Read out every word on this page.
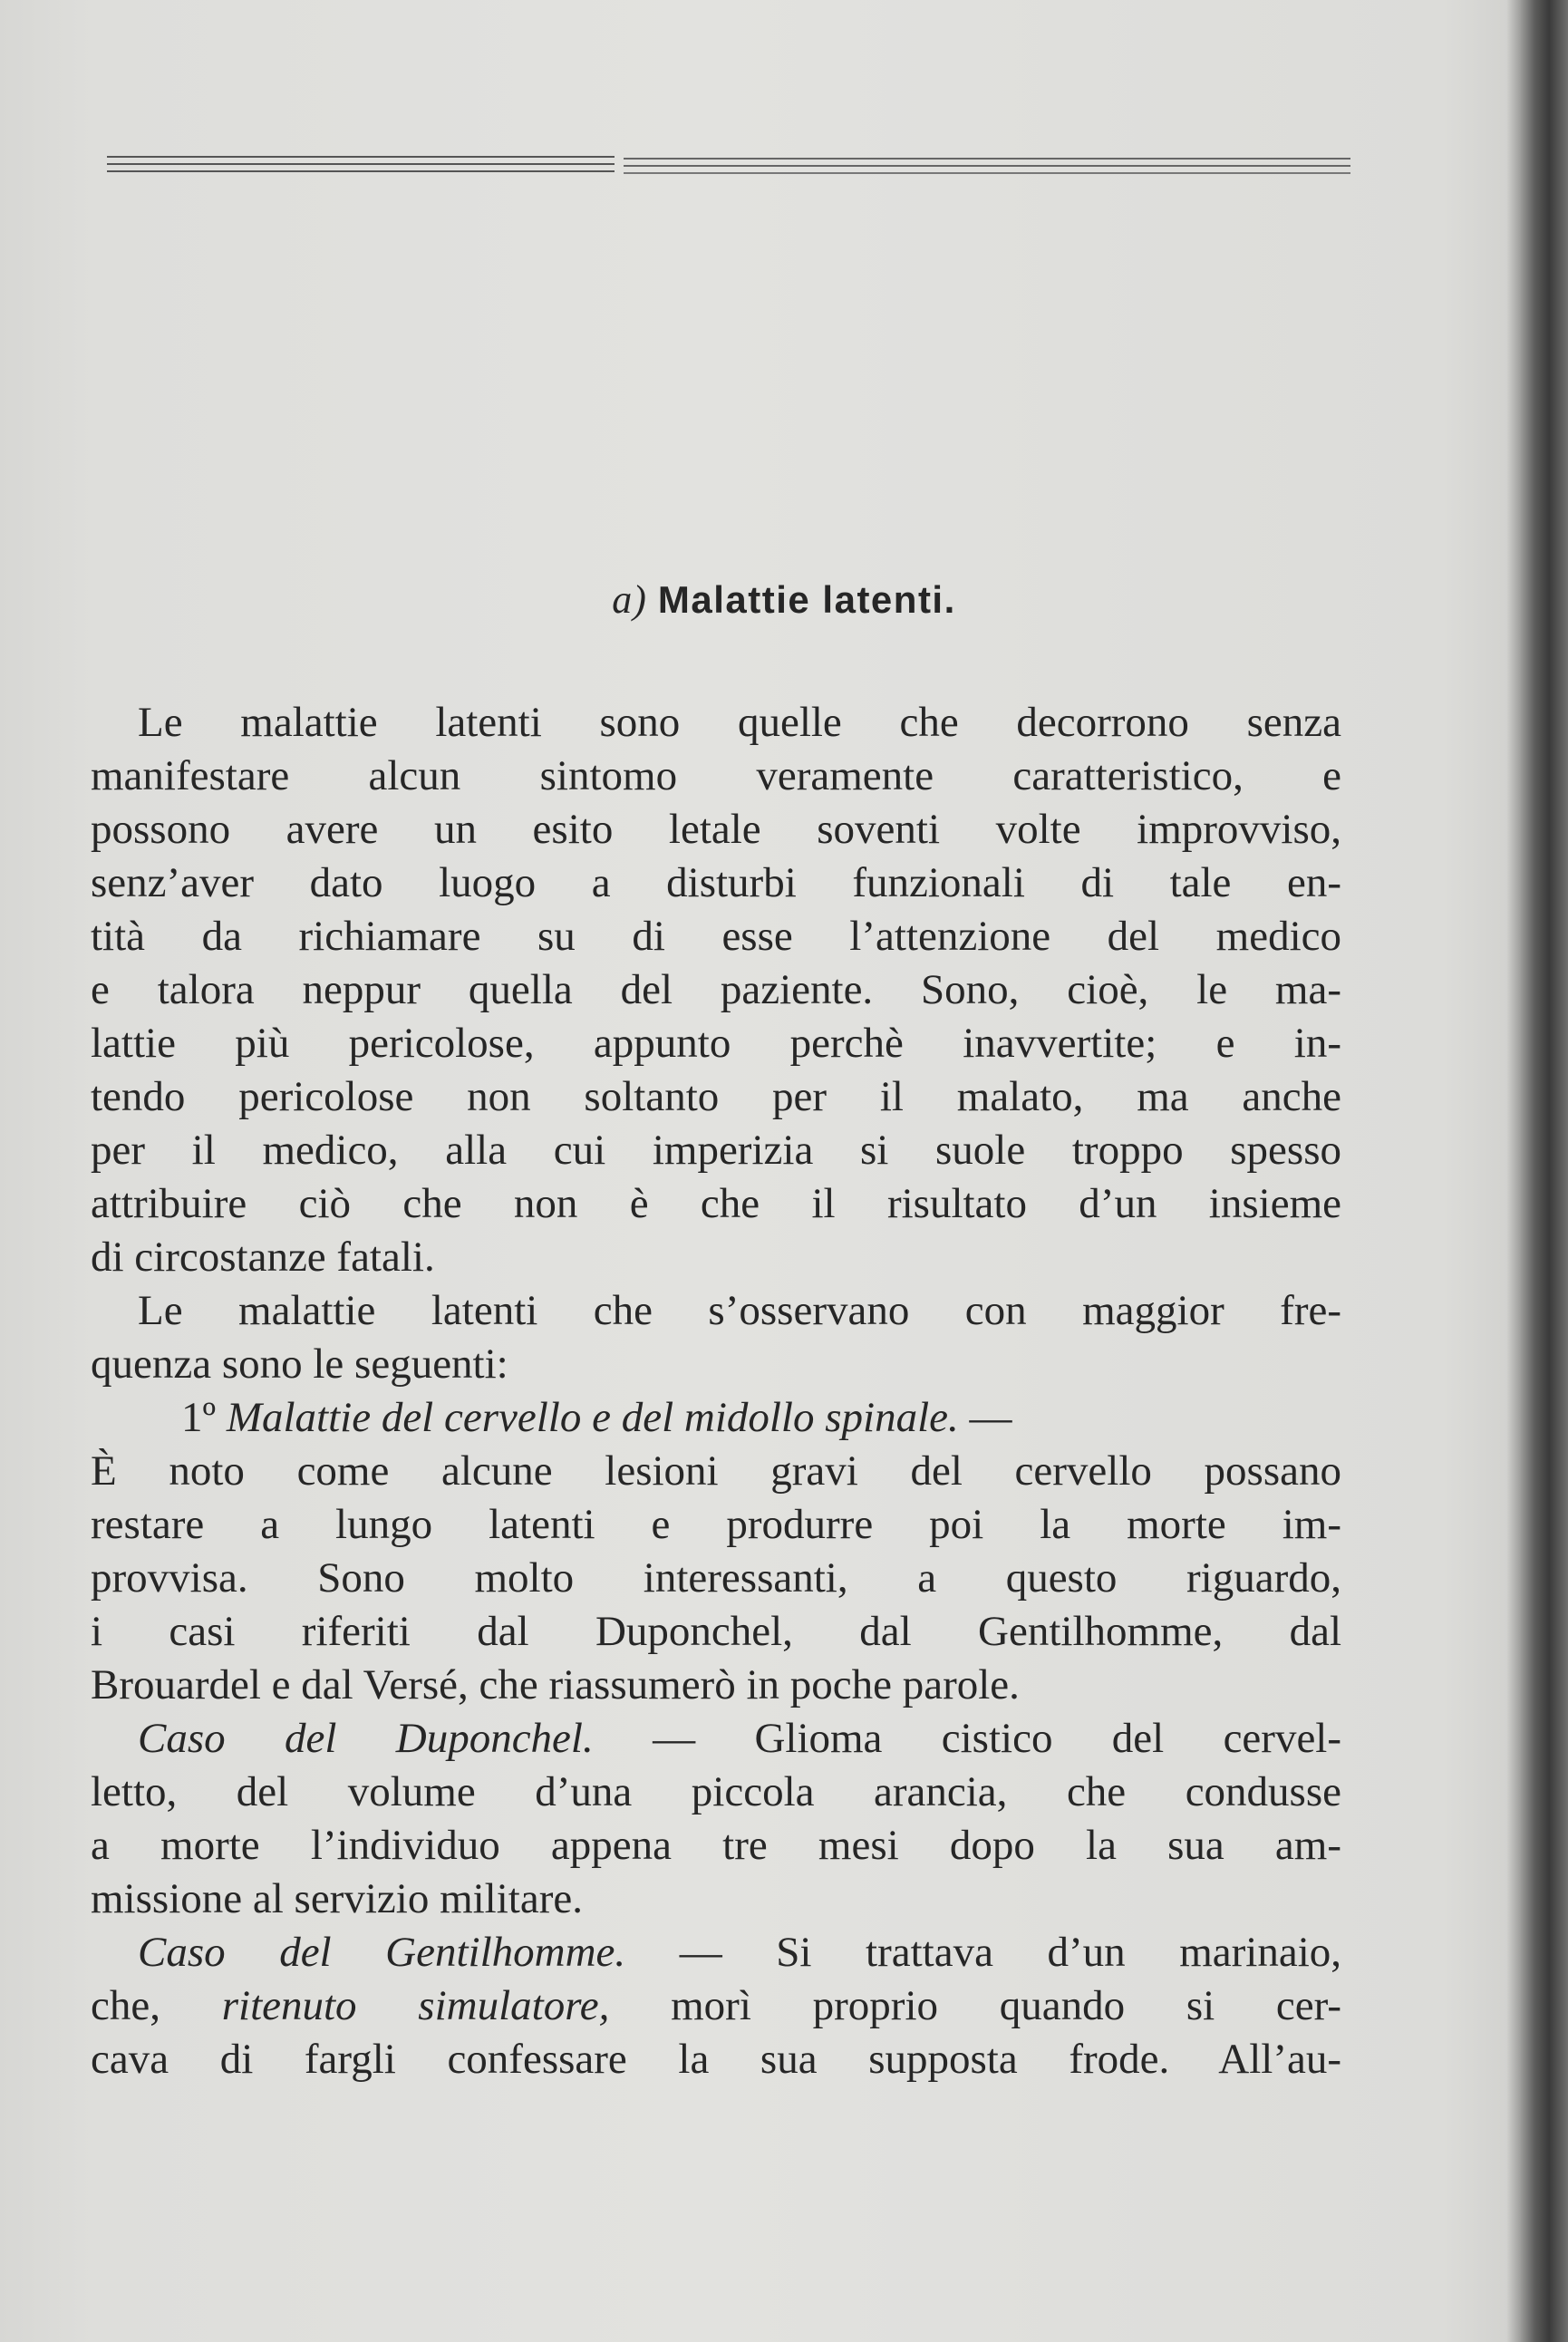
a) Malattie latenti.
Le malattie latenti sono quelle che decorrono senza
manifestare alcun sintomo veramente caratteristico, e
possono avere un esito letale soventi volte improvviso,
senz’aver dato luogo a disturbi funzionali di tale en-
tità da richiamare su di esse l’attenzione del medico
e talora neppur quella del paziente. Sono, cioè, le ma-
lattie più pericolose, appunto perchè inavvertite; e in-
tendo pericolose non soltanto per il malato, ma anche
per il medico, alla cui imperizia si suole troppo spesso
attribuire ciò che non è che il risultato d’un insieme
di circostanze fatali.
Le malattie latenti che s’osservano con maggior fre-
quenza sono le seguenti:
1º Malattie del cervello e del midollo spinale. —
È noto come alcune lesioni gravi del cervello possano
restare a lungo latenti e produrre poi la morte im-
provvisa. Sono molto interessanti, a questo riguardo,
i casi riferiti dal Duponchel, dal Gentilhomme, dal
Brouardel e dal Versé, che riassumerò in poche parole.
Caso del Duponchel. — Glioma cistico del cervel-
letto, del volume d’una piccola arancia, che condusse
a morte l’individuo appena tre mesi dopo la sua am-
missione al servizio militare.
Caso del Gentilhomme. — Si trattava d’un marinaio,
che, ritenuto simulatore, morì proprio quando si cer-
cava di fargli confessare la sua supposta frode. All’au-
